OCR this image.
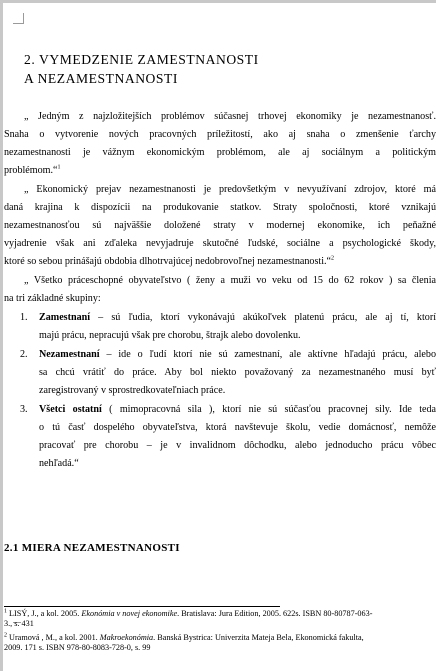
2. VYMEDZENIE ZAMESTNANOSTI
A NEZAMESTNANOSTI
„ Jedným z najzložitejších problémov súčasnej trhovej ekonomiky je nezamestnanosť.
Snaha o vytvorenie nových pracovných príležitostí, ako aj snaha o zmenšenie ťarchy
nezamestnanosti je vážnym ekonomickým problémom, ale aj sociálnym a politickým
problémom.“$^1$
„ Ekonomický prejav nezamestnanosti je predovšetkým v nevyužívaní zdrojov, ktoré má
daná krajina k dispozícii na produkovanie statkov. Straty spoločnosti, ktoré vznikajú
nezamestnanosťou sú najväššie doložené straty v modernej ekonomike, ich peňažné
vyjadrenie však ani zďaleka nevyjadruje skutočné ľudské, sociálne a psychologické škody,
ktoré so sebou prinášajú obdobia dlhotrvajúcej nedobrovoľnej nezamestnanosti.“$^2$
„ Všetko práceschopné obyvateľstvo ( ženy a muži vo veku od 15 do 62 rokov ) sa členia
na tri základné skupiny:
1. Zamestnaní – sú ľudia, ktorí vykonávajú akúkoľvek platenú prácu, ale aj tí, ktorí
majú prácu, nepracujú však pre chorobu, štrajk alebo dovolenku.
2. Nezamestnaní – ide o ľudí ktorí nie sú zamestnaní, ale aktívne hľadajú prácu, alebo
sa chcú vrátiť do práce. Aby bol niekto považovaný za nezamestnaného musí byť
zaregistrovaný v sprostredkovateľniach práce.
3. Všetci ostatní ( mimopracovná sila ), ktorí nie sú súčasťou pracovnej sily. Ide teda
o tú časť dospelého obyvateľstva, ktorá navštevuje školu, vedie domácnosť, nemôže
pracovať pre chorobu – je v invalidnom dôchodku, alebo jednoducho prácu vôbec
nehľadá.“
2.1 MIERA NEZAMESTNANOSTI
$^1$ LISÝ, J., a kol. 2005. Ekonómia v novej ekonomike. Bratislava: Jura Edition, 2005. 622s. ISBN 80-80787-063-
3., s. 431
$^2$ Uramová , M., a kol. 2001. Makroekonómia. Banská Bystrica: Univerzita Mateja Bela, Ekonomická fakulta,
2009. 171 s. ISBN 978-80-8083-728-0, s. 99
